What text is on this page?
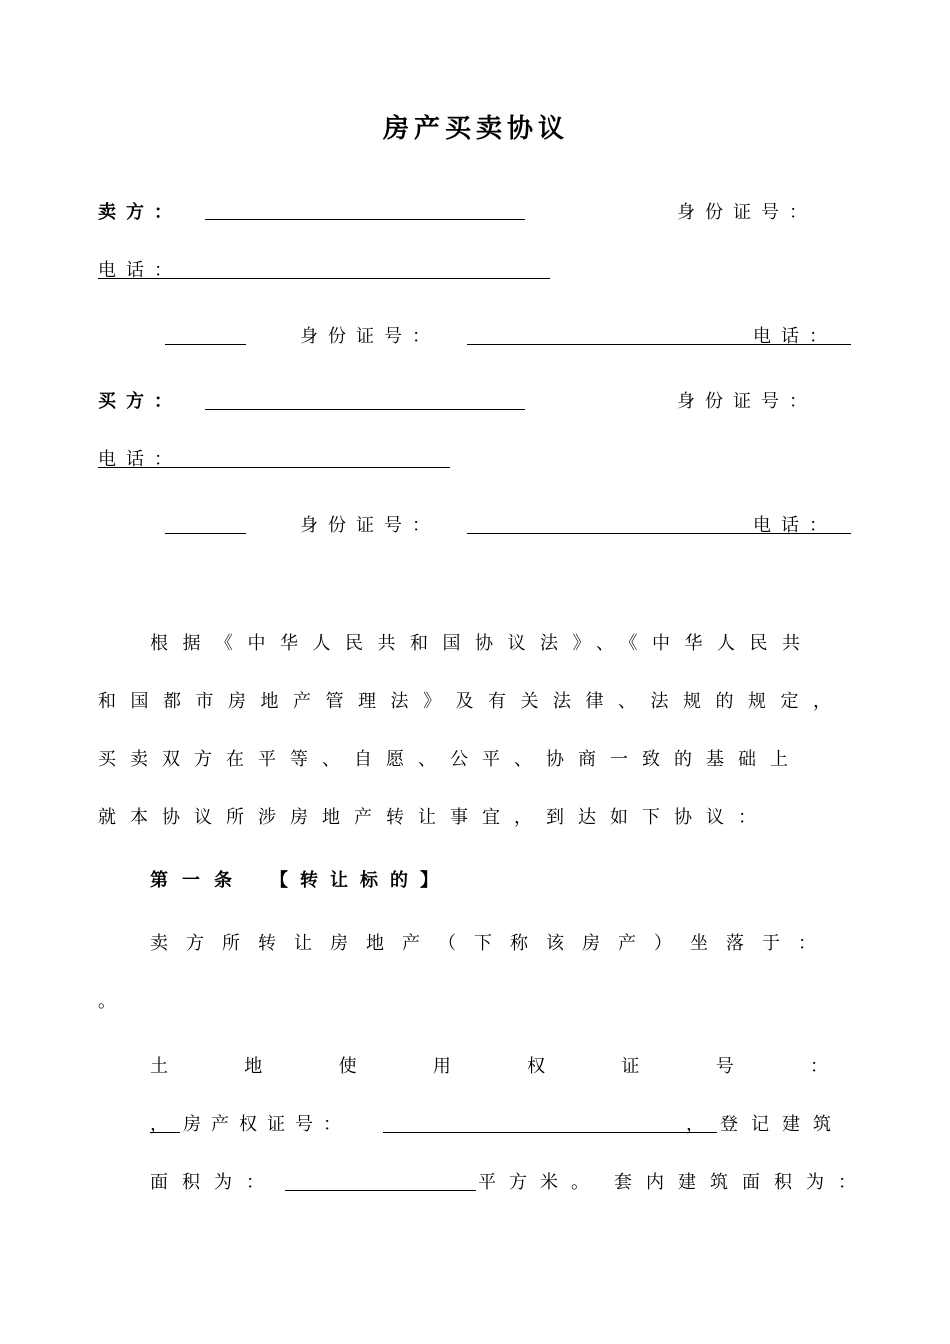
房产买卖协议
卖方：	身份证号：
电话：
身份证号：	电话：
买方：	身份证号：
电话：
身份证号：	电话：
根据《中华人民共和国协议法》、《中华人民共
和国都市房地产管理法》及有关法律、法规的规定，
买卖双方在平等、自愿、公平、协商一致的基础上
就本协议所涉房地产转让事宜，到达如下协议：
第一条 【转让标的】
卖方所转让房地产（下称该房产）坐落于：
。
土	地	使	用	权	证	号	：
， 房产权证号：	， 登记建筑
面积为：	平方米。 套内建筑面积为：
